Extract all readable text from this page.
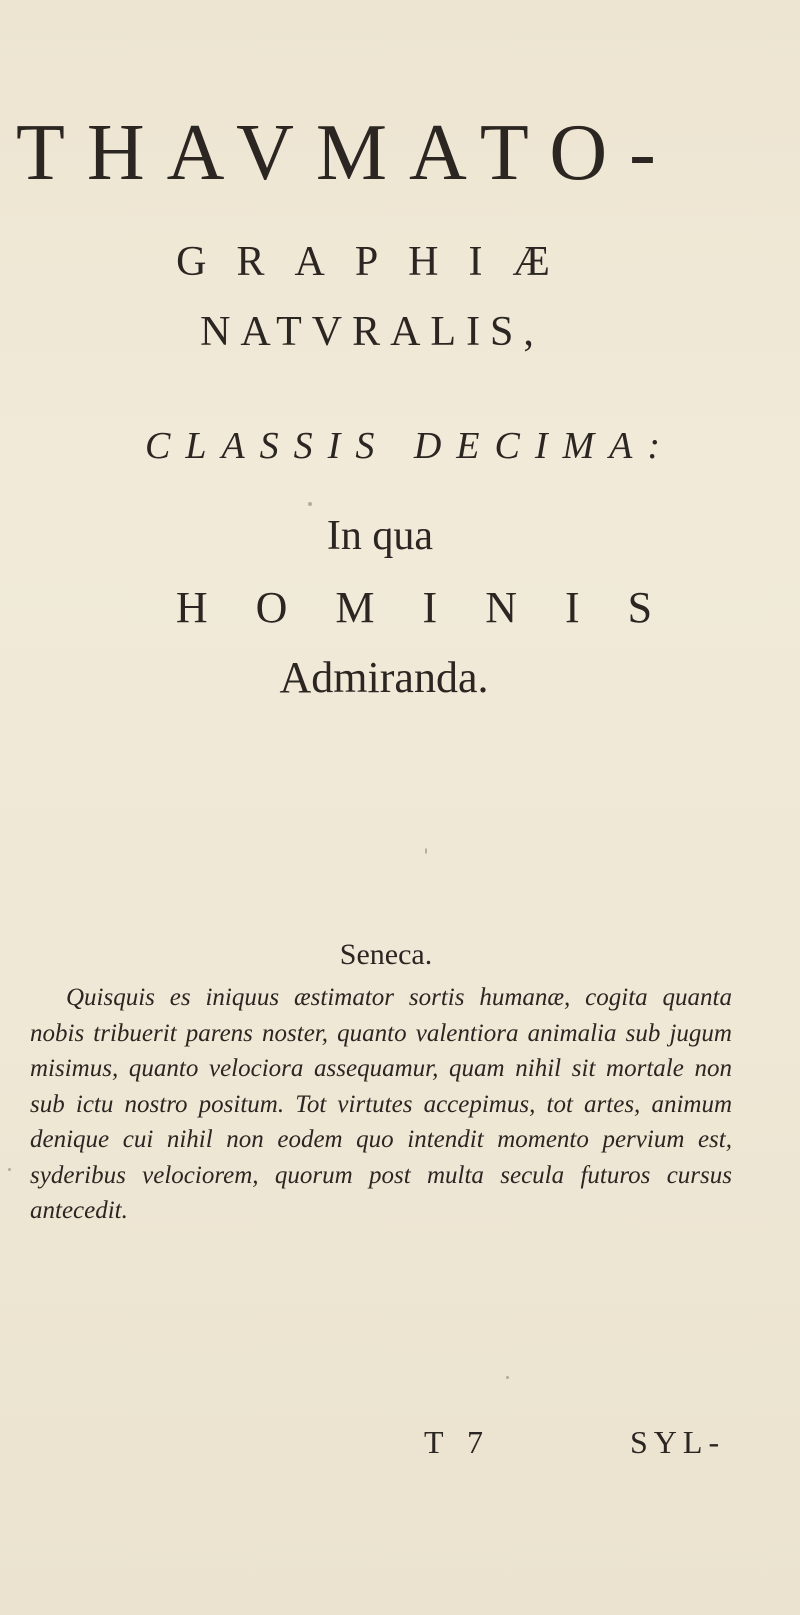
THAVMATO-
GRAPHIÆ
NATVRALIS,
CLASSIS DECIMA:
In qua
HOMINIS
Admiranda.
Seneca.
Quisquis es iniquus æstimator sortis humanæ, cogita quanta nobis tribuerit parens noster, quanto valentiora animalia sub jugum misimus, quanto velociora assequamur, quam nihil sit mortale non sub ictu nostro positum. Tot virtutes accepimus, tot artes, animum denique cui nihil non eodem quo intendit momento pervium est, syderibus velociorem, quorum post multa secula futuros cursus antecedit.
T 7	SYL-
